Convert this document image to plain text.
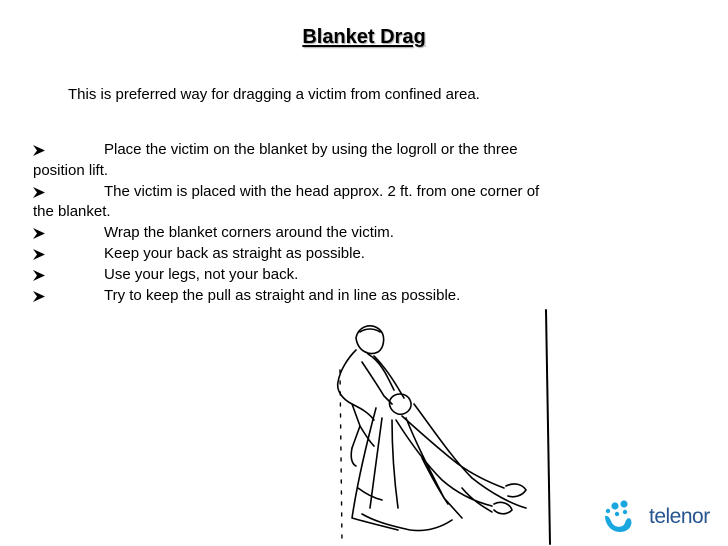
Blanket Drag
This is preferred way for dragging a victim from confined area.
Place the victim on the blanket by using the logroll or the three position lift.
The victim is placed with the head approx. 2 ft. from one corner of the blanket.
Wrap the blanket corners around the victim.
Keep your back as straight as possible.
Use your legs, not your back.
Try to keep the pull as straight and in line as possible.
telenor
